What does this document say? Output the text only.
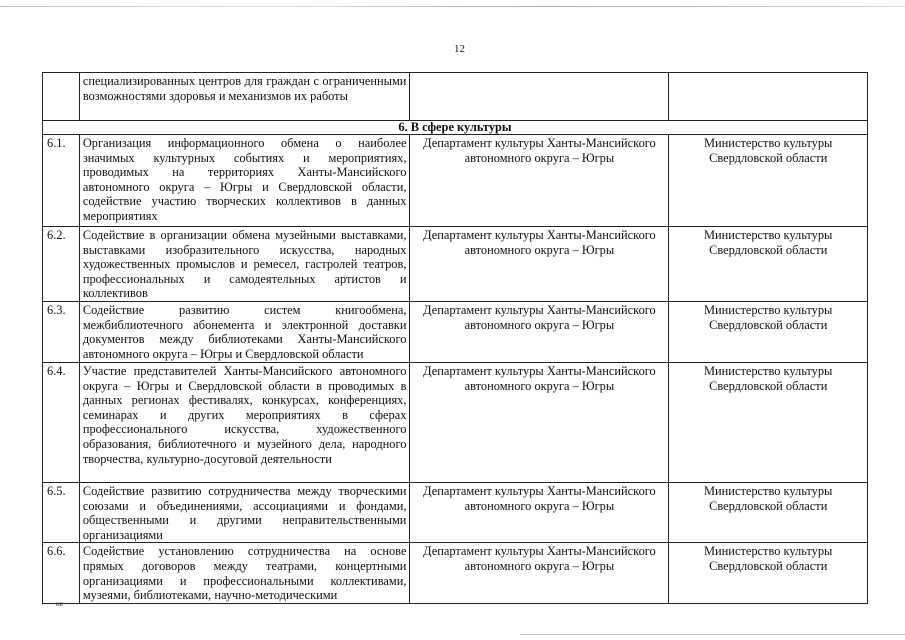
12
	специализированных центров для граждан с ограниченными возможностями здоровья и механизмов их работы		
6. В сфере культуры			
6.1.	Организация информационного обмена о наиболее значимых культурных событиях и мероприятиях, проводимых на территориях Ханты-Мансийского автономного округа – Югры и Свердловской области, содействие участию творческих коллективов в данных мероприятиях	Департамент культуры Ханты-Мансийского автономного округа – Югры	Министерство культуры Свердловской области
6.2.	Содействие в организации обмена музейными выставками, выставками изобразительного искусства, народных художественных промыслов и ремесел, гастролей театров, профессиональных и самодеятельных артистов и коллективов	Департамент культуры Ханты-Мансийского автономного округа – Югры	Министерство культуры Свердловской области
6.3.	Содействие развитию систем книгообмена, межбиблиотечного абонемента и электронной доставки документов между библиотеками Ханты-Мансийского автономного округа – Югры и Свердловской области	Департамент культуры Ханты-Мансийского автономного округа – Югры	Министерство культуры Свердловской области
6.4.	Участие представителей Ханты-Мансийского автономного округа – Югры и Свердловской области в проводимых в данных регионах фестивалях, конкурсах, конференциях, семинарах и других мероприятиях в сферах профессионального искусства, художественного образования, библиотечного и музейного дела, народного творчества, культурно-досуговой деятельности	Департамент культуры Ханты-Мансийского автономного округа – Югры	Министерство культуры Свердловской области
6.5.	Содействие развитию сотрудничества между творческими союзами и объединениями, ассоциациями и фондами, общественными и другими неправительственными организациями	Департамент культуры Ханты-Мансийского автономного округа – Югры	Министерство культуры Свердловской области
6.6.	Содействие установлению сотрудничества на основе прямых договоров между театрами, концертными организациями и профессиональными коллективами, музеями, библиотеками, научно-методическими	Департамент культуры Ханты-Мансийского автономного округа – Югры	Министерство культуры Свердловской области
нв
